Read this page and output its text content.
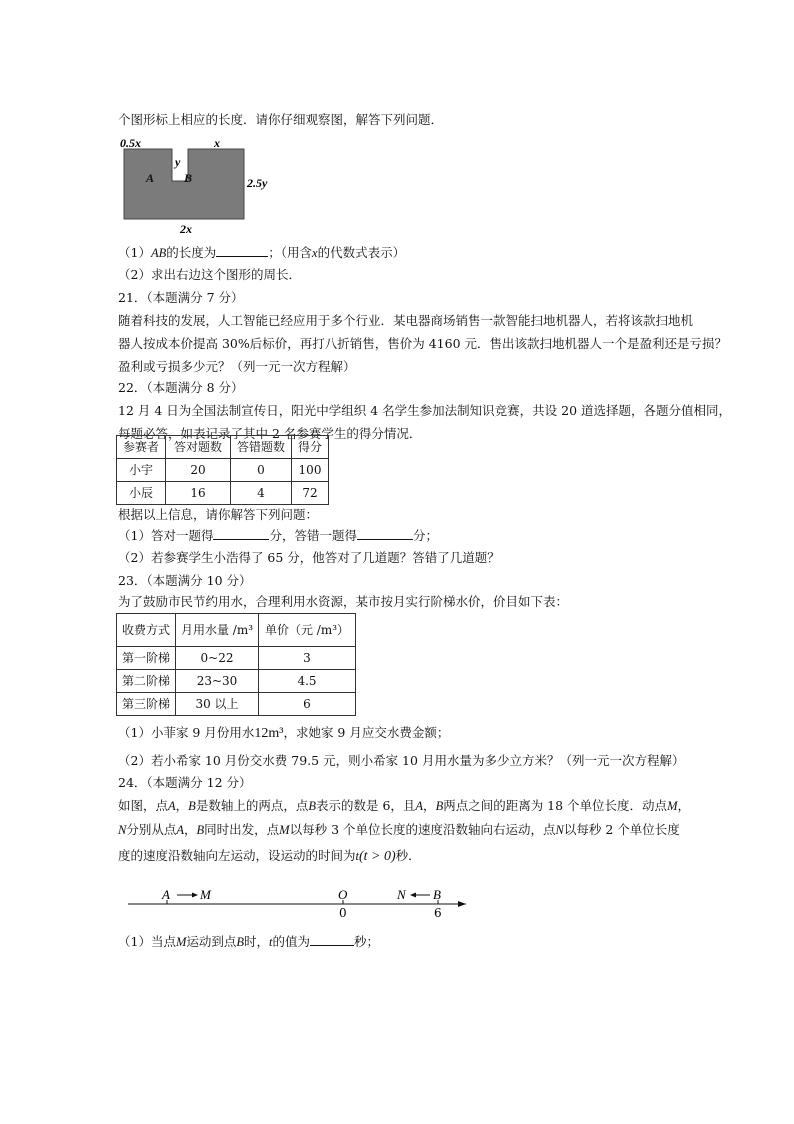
个图形标上相应的长度．请你仔细观察图，解答下列问题．
0.5x
y
x
A B	2.5y
2x
（1）AB的长度为	；（用含x的代数式表示）
（2）求出右边这个图形的周长．
21．（本题满分 7 分）
随着科技的发展，人工智能已经应用于多个行业．某电器商场销售一款智能扫地机器人，若将该款扫地机
器人按成本价提高 30%后标价，再打八折销售，售价为 4160 元．售出该款扫地机器人一个是盈利还是亏损？
盈利或亏损多少元？（列一元一次方程解）
22．（本题满分 8 分）
12 月 4 日为全国法制宣传日，阳光中学组织 4 名学生参加法制知识竞赛，共设 20 道选择题，各题分值相同，
每题必答，如表记录了其中 2 名参赛学生的得分情况．
参赛者	答对题数	答错题数	得分
小宇	20	0	100
小辰	16	4	72
根据以上信息，请你解答下列问题：
（1）答对一题得	分，答错一题得	分；
（2）若参赛学生小浩得了 65 分，他答对了几道题？答错了几道题？
23．（本题满分 10 分）
为了鼓励市民节约用水，合理利用水资源，某市按月实行阶梯水价，价目如下表：
收费方式	月用水量 /m³	单价（元 /m³）
第一阶梯	0~22	3
第二阶梯	23~30	4.5
第三阶梯	30 以上	6
（1）小菲家 9 月份用水12m³，求她家 9 月应交水费金额；
（2）若小希家 10 月份交水费 79.5 元，则小希家 10 月用水量为多少立方米？（列一元一次方程解）
24．（本题满分 12 分）
如图，点A，B是数轴上的两点，点B表示的数是 6，且A，B两点之间的距离为 18 个单位长度．动点M，
N分别从点A，B同时出发，点M以每秒 3 个单位长度的速度沿数轴向右运动，点N以每秒 2 个单位长度
度的速度沿数轴向左运动，设运动的时间为t(t > 0)秒．
A M	O
0
N B
6
（1）当点M运动到点B时，t的值为	秒；
